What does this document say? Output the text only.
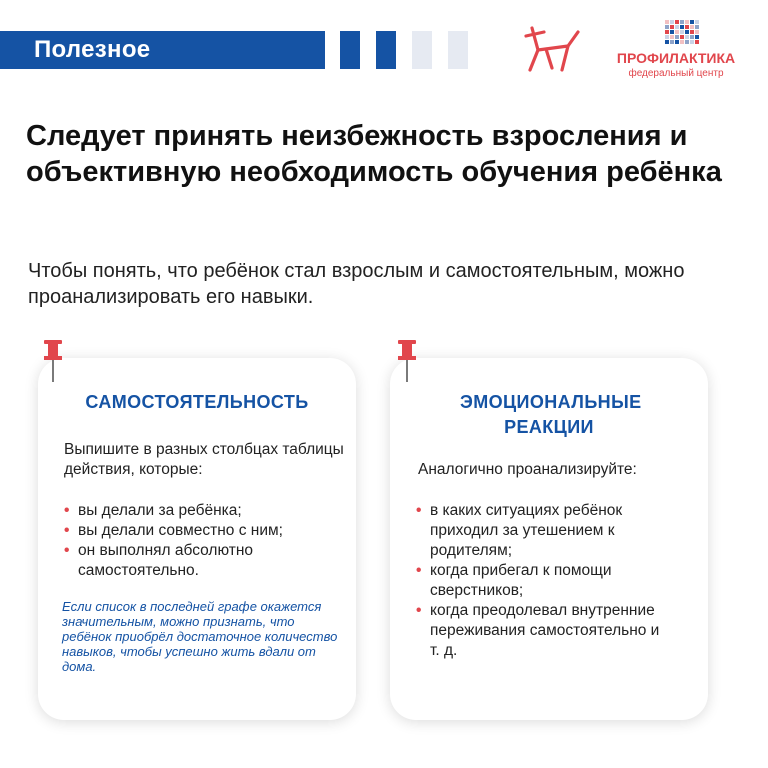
Полезное	ПРОФИЛАКТИКА
федеральный центр
Следует принять неизбежность взросления и объективную необходимость обучения ребёнка

Чтобы понять, что ребёнок стал взрослым и самостоятельным, можно проанализировать его навыки.

САМОСТОЯТЕЛЬНОСТЬ

Выпишите в разных столбцах таблицы действия, которые:

• вы делали за ребёнка;
• вы делали совместно с ним;
• он выполнял абсолютно самостоятельно.

Если список в последней графе окажется значительным, можно признать, что ребёнок приобрёл достаточное количество навыков, чтобы успешно жить вдали от дома.

ЭМОЦИОНАЛЬНЫЕ РЕАКЦИИ

Аналогично проанализируйте:

• в каких ситуациях ребёнок приходил за утешением к родителям;
• когда прибегал к помощи сверстников;
• когда преодолевал внутренние переживания самостоятельно и т. д.
